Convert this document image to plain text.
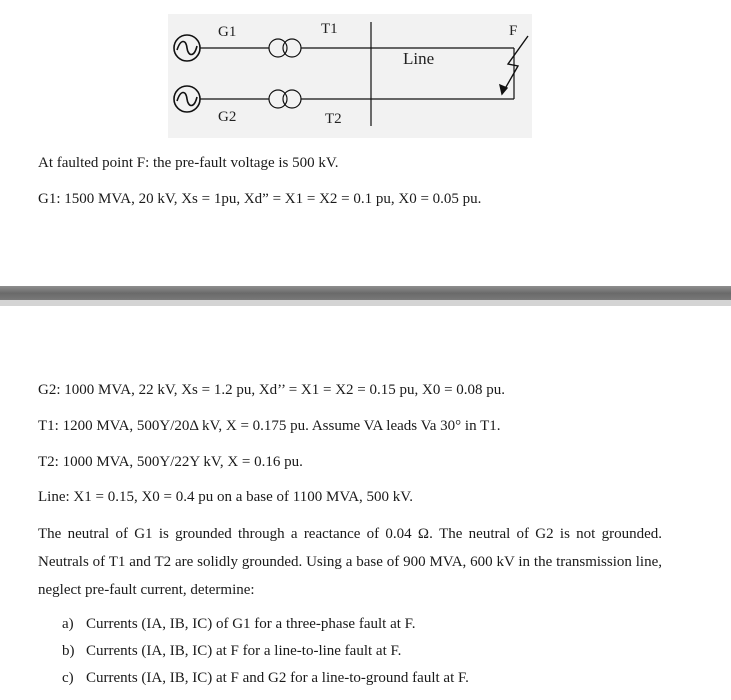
G1
G2
T1
T2
Line
F
At faulted point F: the pre-fault voltage is 500 kV.
G1: 1500 MVA, 20 kV, Xs = 1pu, Xd” = X1 = X2 = 0.1 pu, X0 = 0.05 pu.
G2: 1000 MVA, 22 kV, Xs = 1.2 pu, Xd’’ = X1 = X2 = 0.15 pu, X0 = 0.08 pu.
T1: 1200 MVA, 500Y/20Δ kV, X = 0.175 pu. Assume VA leads Va 30° in T1.
T2: 1000 MVA, 500Y/22Y kV, X = 0.16 pu.
Line: X1 = 0.15, X0 = 0.4 pu on a base of 1100 MVA, 500 kV.
The neutral of G1 is grounded through a reactance of 0.04 Ω. The neutral of G2 is not grounded. Neutrals of T1 and T2 are solidly grounded. Using a base of 900 MVA, 600 kV in the transmission line, neglect pre-fault current, determine:
a) Currents (IA, IB, IC) of G1 for a three-phase fault at F.
b) Currents (IA, IB, IC) at F for a line-to-line fault at F.
c) Currents (IA, IB, IC) at F and G2 for a line-to-ground fault at F.
